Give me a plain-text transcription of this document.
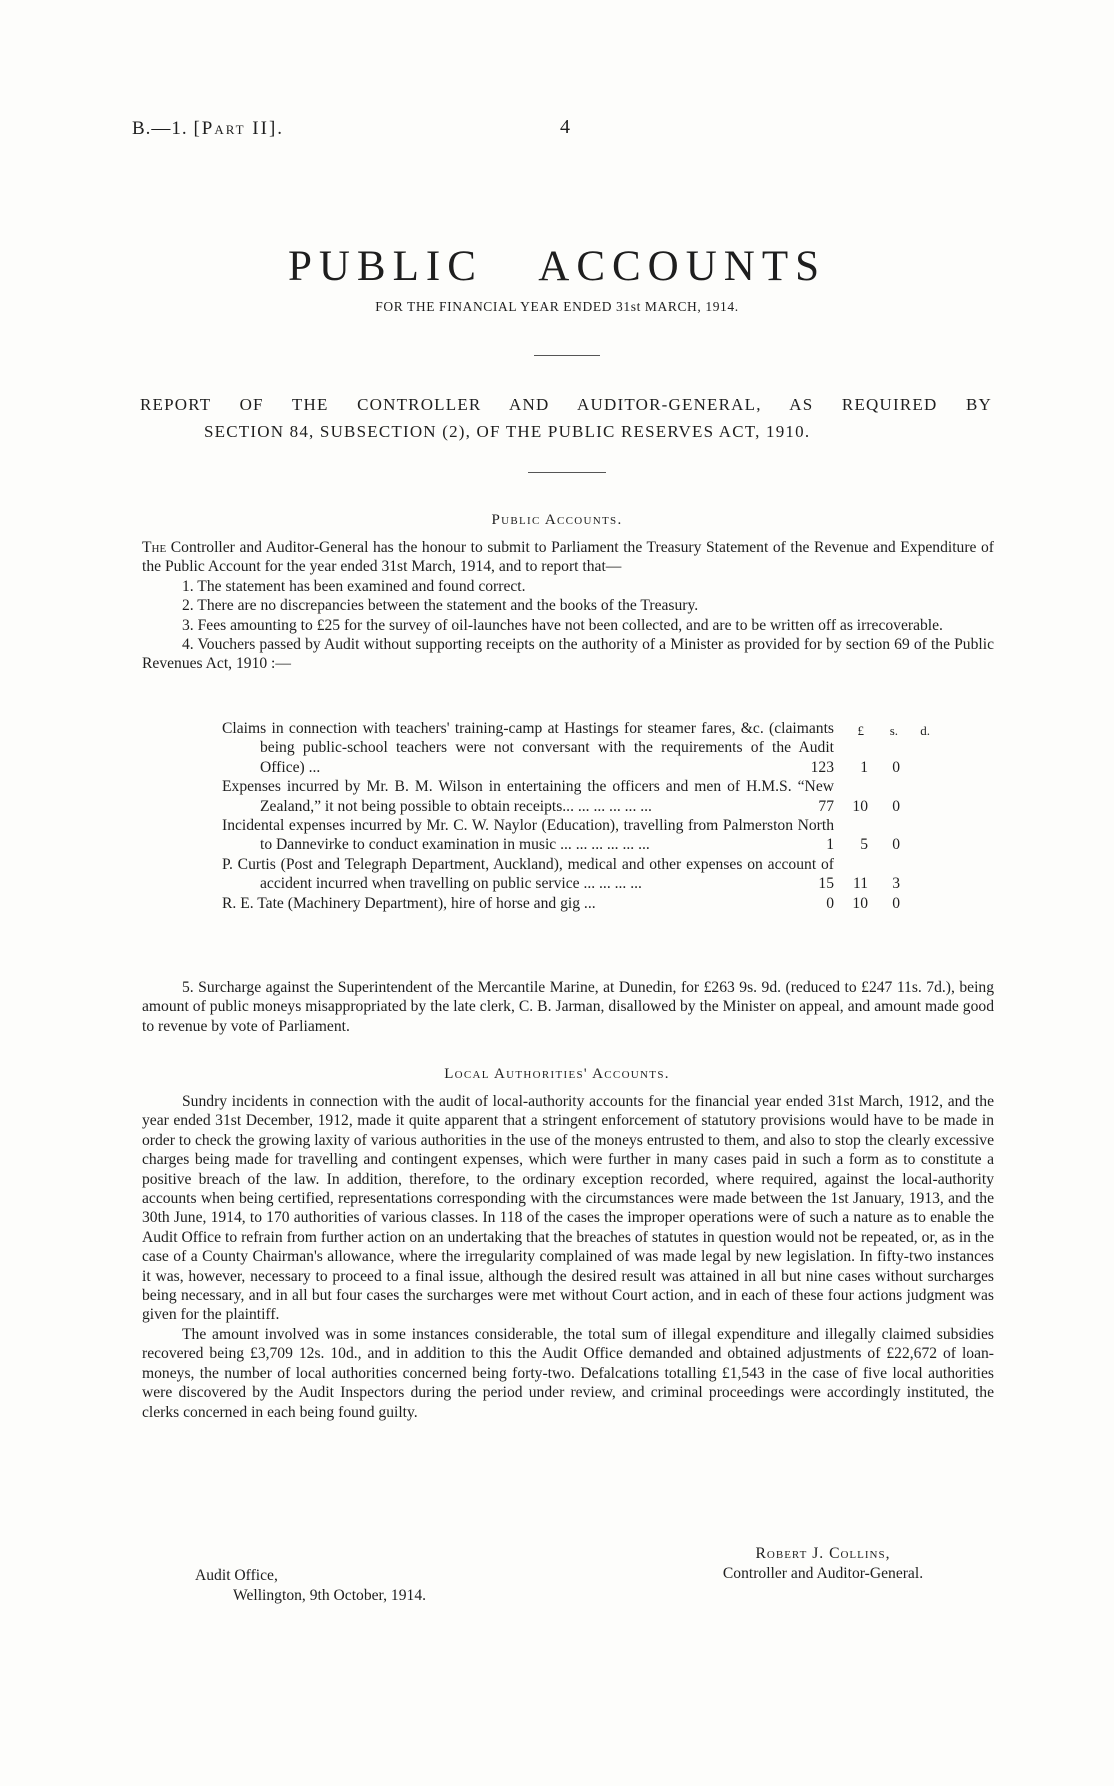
B.—1. [Part II].	4
PUBLIC ACCOUNTS
FOR THE FINANCIAL YEAR ENDED 31st MARCH, 1914.
REPORT OF THE CONTROLLER AND AUDITOR-GENERAL, AS REQUIRED BY
SECTION 84, SUBSECTION (2), OF THE PUBLIC RESERVES ACT, 1910.
Public Accounts.

The Controller and Auditor-General has the honour to submit to Parliament the Treasury Statement of the Revenue and Expenditure of the Public Account for the year ended 31st March, 1914, and to report that—

1. The statement has been examined and found correct.

2. There are no discrepancies between the statement and the books of the Treasury.

3. Fees amounting to £25 for the survey of oil-launches have not been collected, and are to be written off as irrecoverable.

4. Vouchers passed by Audit without supporting receipts on the authority of a Minister as provided for by section 69 of the Public Revenues Act, 1910 :—

£	s.	d.
Claims in connection with teachers' training-camp at Hastings for steamer fares, &c. (claimants being public-school teachers were not conversant with the requirements of the Audit Office) ...	123	1	0
Expenses incurred by Mr. B. M. Wilson in entertaining the officers and men of H.M.S. “New Zealand,” it not being possible to obtain receipts... ... ... ... ... ...	77	10	0
Incidental expenses incurred by Mr. C. W. Naylor (Education), travelling from Palmerston North to Dannevirke to conduct examination in music ... ... ... ... ... ...	1	5	0
P. Curtis (Post and Telegraph Department, Auckland), medical and other expenses on account of accident incurred when travelling on public service ... ... ... ...	15	11	3
R. E. Tate (Machinery Department), hire of horse and gig ...	0	10	0

5. Surcharge against the Superintendent of the Mercantile Marine, at Dunedin, for £263 9s. 9d. (reduced to £247 11s. 7d.), being amount of public moneys misappropriated by the late clerk, C. B. Jarman, disallowed by the Minister on appeal, and amount made good to revenue by vote of Parliament.

Local Authorities' Accounts.

Sundry incidents in connection with the audit of local-authority accounts for the financial year ended 31st March, 1912, and the year ended 31st December, 1912, made it quite apparent that a stringent enforcement of statutory provisions would have to be made in order to check the growing laxity of various authorities in the use of the moneys entrusted to them, and also to stop the clearly excessive charges being made for travelling and contingent expenses, which were further in many cases paid in such a form as to constitute a positive breach of the law. In addition, therefore, to the ordinary exception recorded, where required, against the local-authority accounts when being certified, representations corresponding with the circumstances were made between the 1st January, 1913, and the 30th June, 1914, to 170 authorities of various classes. In 118 of the cases the improper operations were of such a nature as to enable the Audit Office to refrain from further action on an undertaking that the breaches of statutes in question would not be repeated, or, as in the case of a County Chairman's allowance, where the irregularity complained of was made legal by new legislation. In fifty-two instances it was, however, necessary to proceed to a final issue, although the desired result was attained in all but nine cases without surcharges being necessary, and in all but four cases the surcharges were met without Court action, and in each of these four actions judgment was given for the plaintiff.

The amount involved was in some instances considerable, the total sum of illegal expenditure and illegally claimed subsidies recovered being £3,709 12s. 10d., and in addition to this the Audit Office demanded and obtained adjustments of £22,672 of loan-moneys, the number of local authorities concerned being forty-two. Defalcations totalling £1,543 in the case of five local authorities were discovered by the Audit Inspectors during the period under review, and criminal proceedings were accordingly instituted, the clerks concerned in each being found guilty.

Robert J. Collins,
Controller and Auditor-General.
Audit Office,
Wellington, 9th October, 1914.
